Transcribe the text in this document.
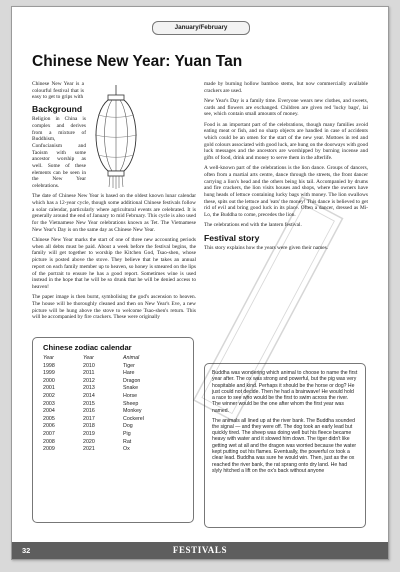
January/February
Chinese New Year: Yuan Tan
Chinese New Year is a colourful festival that is easy to get to grips with
Background

Religion in China is complex and derives from a mixture of Buddhism, Confucianism and Taoism with some ancestor worship as well. Some of these elements can be seen in the New Year celebrations.

The date of Chinese New Year is based on the oldest known lunar calendar which has a 12-year cycle, though some additional Chinese festivals follow a solar calendar, particularly where agricultural events are celebrated. It is generally around the end of January to mid February. This cycle is also used for the Vietnamese New Year celebrations known as Tet. The Vietnamese New Year's Day is on the same day as Chinese New Year.

Chinese New Year marks the start of one of three new accounting periods when all debts must be paid. About a week before the festival begins, the family will get together to worship the Kitchen God, Tsao-shen, whose picture is posted above the stove. They believe that he takes an annual report on each family member up to heaven, so honey is smeared on the lips of the portrait to ensure he has a good report. Sometimes wine is used instead in the hope that he will be so drunk that he will be denied access to heaven!

The paper image is then burnt, symbolising the god's ascension to heaven. The house will be thoroughly cleaned and then on New Year's Eve, a new picture will be hung above the stove to welcome Tsao-shen's return. This will be accompanied by fire crackers. These were originally

made by burning hollow bamboo stems, but now commercially available crackers are used.

New Year's Day is a family time. Everyone wears new clothes, and sweets, cards and flowers are exchanged. Children are given red 'lucky bags', lai see, which contain small amounts of money.

Food is an important part of the celebrations, though many families avoid eating meat or fish, and no sharp objects are handled in case of accidents which could be an omen for the start of the new year. Mottoes in red and gold colours associated with good luck, are hung on the doorways with good luck messages and the ancestors are worshipped by burning incense and gifts of food, drink and money to serve them in the afterlife.

A well-known part of the celebrations is the lion dance. Groups of dancers, often from a martial arts centre, dance through the streets, the front dancer carrying a lion's head and the others being his tail. Accompanied by drums and fire crackers, the lion visits houses and shops, where the owners have hung heads of lettuce containing lucky bags with money. The lion swallows these, spits out the lettuce and 'eats' the money! This dance is believed to get rid of evil and bring good luck in its place. Often a dancer, dressed as Mi-Lo, the Buddha to come, precedes the lion.

The celebrations end with the lantern festival.

Festival story

This story explains how the years were given their names.

Buddha was wondering which animal to choose to name the first year after. The ox was strong and powerful, but the pig was very hospitable and kind. Perhaps it should be the horse or dog? He just could not decide. Then he had a brainwave! He would hold a race to see who would be the first to swim across the river. The winner would be the one after whom the first year was named.

The animals all lined up at the river bank. The Buddha sounded the signal — and they were off. The dog took an early lead but quickly tired. The sheep was doing well but his fleece became heavy with water and it slowed him down. The tiger didn't like getting wet at all and the dragon was worried because the water kept putting out his flames. Eventually, the powerful ox took a clear lead. Buddha was sure he would win. Then, just as the ox reached the river bank, the rat sprang onto dry land. He had slyly hitched a lift on the ox's back without anyone

Chinese zodiac calendar
Year	Year	Animal
1998	2010	Tiger
1999	2011	Hare
2000	2012	Dragon
2001	2013	Snake
2002	2014	Horse
2003	2015	Sheep
2004	2016	Monkey
2005	2017	Cockerel
2006	2018	Dog
2007	2019	Pig
2008	2020	Rat
2009	2021	Ox
32	FESTIVALS
